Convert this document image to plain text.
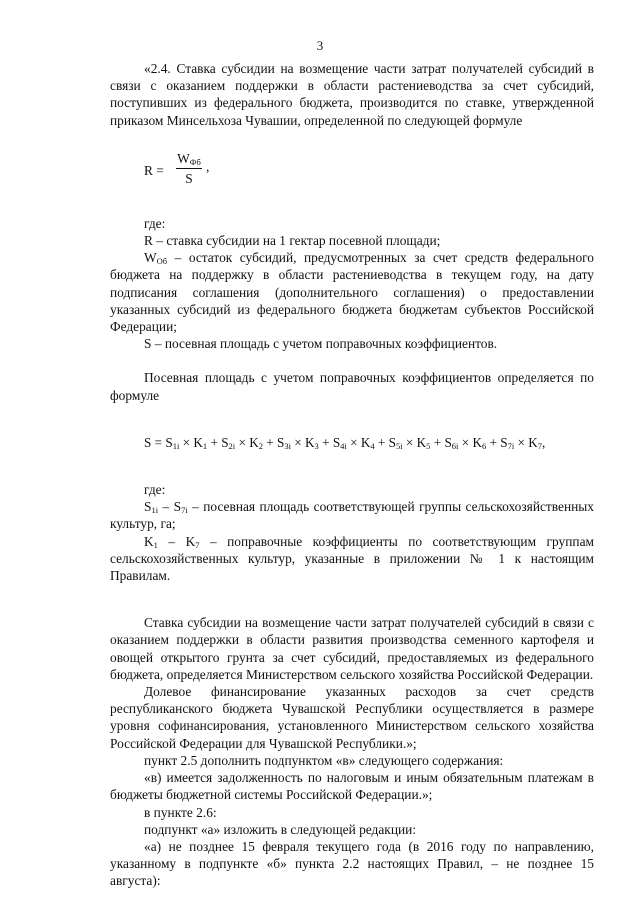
3

«2.4. Ставка субсидии на возмещение части затрат получателей субсидий в связи с оказанием поддержки в области растениеводства за счет субсидий, поступивших из федерального бюджета, производится по ставке, утвержденной приказом Минсельхоза Чувашии, определенной по следующей формуле

R =
$W_{Фб}$
S
,

где:

R – ставка субсидии на 1 гектар посевной площади;

$W_{Об}$ – остаток субсидий, предусмотренных за счет средств федерального бюджета на поддержку в области растениеводства в текущем году, на дату подписания соглашения (дополнительного соглашения) о предоставлении указанных субсидий из федерального бюджета бюджетам субъектов Российской Федерации;

S – посевная площадь с учетом поправочных коэффициентов.

Посевная площадь с учетом поправочных коэффициентов определяется по формуле

$S = S_{1i} \times K_1 + S_{2i} \times K_2 + S_{3i} \times K_3 + S_{4i} \times K_4 + S_{5i} \times K_5 + S_{6i} \times K_6 + S_{7i} \times K_7$,

где:

$S_{1i} - S_{7i}$ – посевная площадь соответствующей группы сельскохозяйственных культур, га;

$K_1 - K_7$ – поправочные коэффициенты по соответствующим группам сельскохозяйственных культур, указанные в приложении № 1 к настоящим Правилам.

Ставка субсидии на возмещение части затрат получателей субсидий в связи с оказанием поддержки в области развития производства семенного картофеля и овощей открытого грунта за счет субсидий, предоставляемых из федерального бюджета, определяется Министерством сельского хозяйства Российской Федерации.

Долевое финансирование указанных расходов за счет средств республиканского бюджета Чувашской Республики осуществляется в размере уровня софинансирования, установленного Министерством сельского хозяйства Российской Федерации для Чувашской Республики.»;

пункт 2.5 дополнить подпунктом «в» следующего содержания:

«в) имеется задолженность по налоговым и иным обязательным платежам в бюджеты бюджетной системы Российской Федерации.»;

в пункте 2.6:

подпункт «а» изложить в следующей редакции:

«а) не позднее 15 февраля текущего года (в 2016 году по направлению, указанному в подпункте «б» пункта 2.2 настоящих Правил, – не позднее 15 августа):
